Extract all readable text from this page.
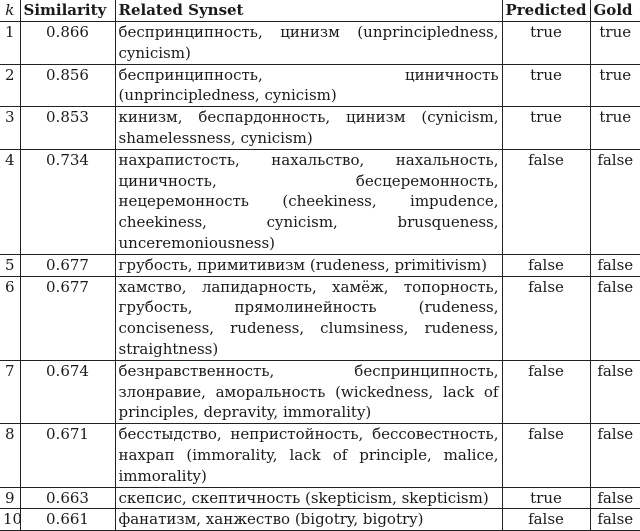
k	Similarity	Related Synset	Predicted	Gold
1	0.866	беспринципность, цинизм (unprincipledness, cynicism)	true	true
2	0.856	беспринципность, циничность (unprincipledness, cynicism)	true	true
3	0.853	кинизм, беспардонность, цинизм (cynicism, shamelessness, cynicism)	true	true
4	0.734	нахрапистость, нахальство, нахальность, циничность, бесцеремонность, нецеремонность (cheekiness, impudence, cheekiness, cynicism, brusqueness, unceremoniousness)	false	false
5	0.677	грубость, примитивизм (rudeness, primitivism)	false	false
6	0.677	хамство, лапидарность, хамёж, топорность, грубость, прямолинейность (rudeness, conciseness, rudeness, clumsiness, rudeness, straightness)	false	false
7	0.674	безнравственность, беспринципность, злонравие, аморальность (wickedness, lack of principles, depravity, immorality)	false	false
8	0.671	бесстыдство, непристойность, бессовестность, нахрап (immorality, lack of principle, malice, immorality)	false	false
9	0.663	скепсис, скептичность (skepticism, skepticism)	true	false
10	0.661	фанатизм, ханжество (bigotry, bigotry)	false	false
